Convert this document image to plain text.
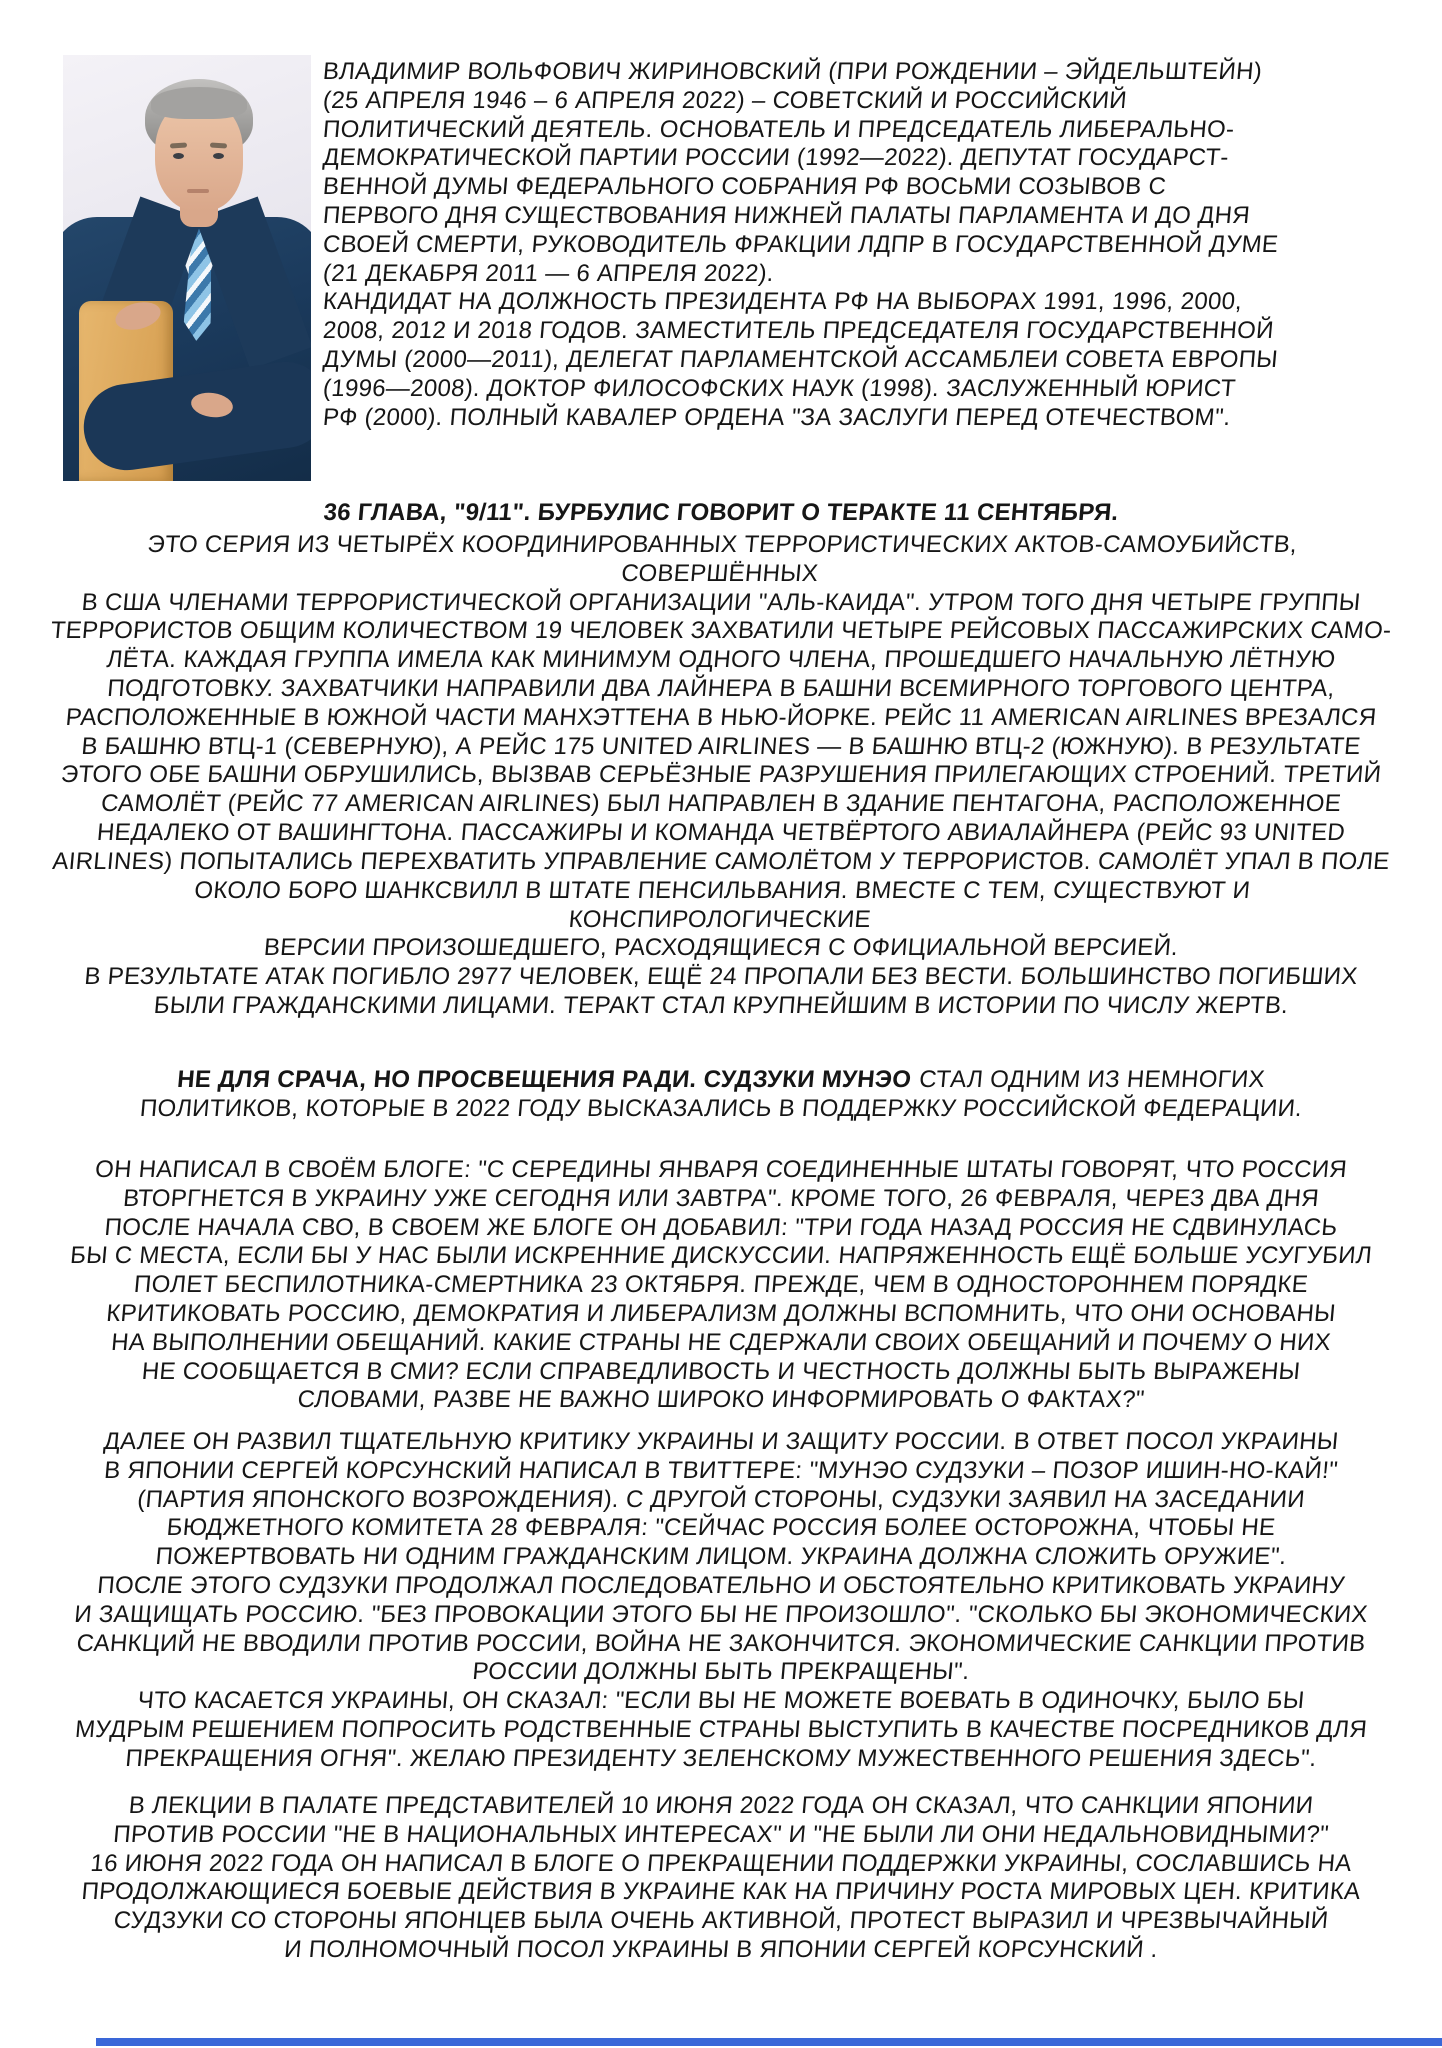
ВЛАДИМИР ВОЛЬФОВИЧ ЖИРИНОВСКИЙ (ПРИ РОЖДЕНИИ – ЭЙДЕЛЬШТЕЙН)
(25 АПРЕЛЯ 1946 – 6 АПРЕЛЯ 2022) – СОВЕТСКИЙ И РОССИЙСКИЙ
ПОЛИТИЧЕСКИЙ ДЕЯТЕЛЬ. ОСНОВАТЕЛЬ И ПРЕДСЕДАТЕЛЬ ЛИБЕРАЛЬНО-
ДЕМОКРАТИЧЕСКОЙ ПАРТИИ РОССИИ (1992—2022). ДЕПУТАТ ГОСУДАРСТ-
ВЕННОЙ ДУМЫ ФЕДЕРАЛЬНОГО СОБРАНИЯ РФ ВОСЬМИ СОЗЫВОВ С
ПЕРВОГО ДНЯ СУЩЕСТВОВАНИЯ НИЖНЕЙ ПАЛАТЫ ПАРЛАМЕНТА И ДО ДНЯ
СВОЕЙ СМЕРТИ, РУКОВОДИТЕЛЬ ФРАКЦИИ ЛДПР В ГОСУДАРСТВЕННОЙ ДУМЕ
(21 ДЕКАБРЯ 2011 — 6 АПРЕЛЯ 2022).
КАНДИДАТ НА ДОЛЖНОСТЬ ПРЕЗИДЕНТА РФ НА ВЫБОРАХ 1991, 1996, 2000,
2008, 2012 И 2018 ГОДОВ. ЗАМЕСТИТЕЛЬ ПРЕДСЕДАТЕЛЯ ГОСУДАРСТВЕННОЙ
ДУМЫ (2000—2011), ДЕЛЕГАТ ПАРЛАМЕНТСКОЙ АССАМБЛЕИ СОВЕТА ЕВРОПЫ
(1996—2008). ДОКТОР ФИЛОСОФСКИХ НАУК (1998). ЗАСЛУЖЕННЫЙ ЮРИСТ
РФ (2000). ПОЛНЫЙ КАВАЛЕР ОРДЕНА "ЗА ЗАСЛУГИ ПЕРЕД ОТЕЧЕСТВОМ".
36 ГЛАВА, "9/11". БУРБУЛИС ГОВОРИТ О ТЕРАКТЕ 11 СЕНТЯБРЯ.
ЭТО СЕРИЯ ИЗ ЧЕТЫРЁХ КООРДИНИРОВАННЫХ ТЕРРОРИСТИЧЕСКИХ АКТОВ-САМОУБИЙСТВ, СОВЕРШЁННЫХ
В США ЧЛЕНАМИ ТЕРРОРИСТИЧЕСКОЙ ОРГАНИЗАЦИИ "АЛЬ-КАИДА". УТРОМ ТОГО ДНЯ ЧЕТЫРЕ ГРУППЫ
ТЕРРОРИСТОВ ОБЩИМ КОЛИЧЕСТВОМ 19 ЧЕЛОВЕК ЗАХВАТИЛИ ЧЕТЫРЕ РЕЙСОВЫХ ПАССАЖИРСКИХ САМО-
ЛЁТА. КАЖДАЯ ГРУППА ИМЕЛА КАК МИНИМУМ ОДНОГО ЧЛЕНА, ПРОШЕДШЕГО НАЧАЛЬНУЮ ЛЁТНУЮ
ПОДГОТОВКУ. ЗАХВАТЧИКИ НАПРАВИЛИ ДВА ЛАЙНЕРА В БАШНИ ВСЕМИРНОГО ТОРГОВОГО ЦЕНТРА,
РАСПОЛОЖЕННЫЕ В ЮЖНОЙ ЧАСТИ МАНХЭТТЕНА В НЬЮ-ЙОРКЕ. РЕЙС 11 AMERICAN AIRLINES ВРЕЗАЛСЯ
В БАШНЮ ВТЦ-1 (СЕВЕРНУЮ), А РЕЙС 175 UNITED AIRLINES — В БАШНЮ ВТЦ-2 (ЮЖНУЮ). В РЕЗУЛЬТАТЕ
ЭТОГО ОБЕ БАШНИ ОБРУШИЛИСЬ, ВЫЗВАВ СЕРЬЁЗНЫЕ РАЗРУШЕНИЯ ПРИЛЕГАЮЩИХ СТРОЕНИЙ. ТРЕТИЙ
САМОЛЁТ (РЕЙС 77 AMERICAN AIRLINES) БЫЛ НАПРАВЛЕН В ЗДАНИЕ ПЕНТАГОНА, РАСПОЛОЖЕННОЕ
НЕДАЛЕКО ОТ ВАШИНГТОНА. ПАССАЖИРЫ И КОМАНДА ЧЕТВЁРТОГО АВИАЛАЙНЕРА (РЕЙС 93 UNITED
AIRLINES) ПОПЫТАЛИСЬ ПЕРЕХВАТИТЬ УПРАВЛЕНИЕ САМОЛЁТОМ У ТЕРРОРИСТОВ. САМОЛЁТ УПАЛ В ПОЛЕ
ОКОЛО БОРО ШАНКСВИЛЛ В ШТАТЕ ПЕНСИЛЬВАНИЯ. ВМЕСТЕ С ТЕМ, СУЩЕСТВУЮТ И КОНСПИРОЛОГИЧЕСКИЕ
ВЕРСИИ ПРОИЗОШЕДШЕГО, РАСХОДЯЩИЕСЯ С ОФИЦИАЛЬНОЙ ВЕРСИЕЙ.
В РЕЗУЛЬТАТЕ АТАК ПОГИБЛО 2977 ЧЕЛОВЕК, ЕЩЁ 24 ПРОПАЛИ БЕЗ ВЕСТИ. БОЛЬШИНСТВО ПОГИБШИХ
БЫЛИ ГРАЖДАНСКИМИ ЛИЦАМИ. ТЕРАКТ СТАЛ КРУПНЕЙШИМ В ИСТОРИИ ПО ЧИСЛУ ЖЕРТВ.
НЕ ДЛЯ СРАЧА, НО ПРОСВЕЩЕНИЯ РАДИ. СУДЗУКИ МУНЭО СТАЛ ОДНИМ ИЗ НЕМНОГИХ
ПОЛИТИКОВ, КОТОРЫЕ В 2022 ГОДУ ВЫСКАЗАЛИСЬ В ПОДДЕРЖКУ РОССИЙСКОЙ ФЕДЕРАЦИИ.
ОН НАПИСАЛ В СВОЁМ БЛОГЕ: "С СЕРЕДИНЫ ЯНВАРЯ СОЕДИНЕННЫЕ ШТАТЫ ГОВОРЯТ, ЧТО РОССИЯ
ВТОРГНЕТСЯ В УКРАИНУ УЖЕ СЕГОДНЯ ИЛИ ЗАВТРА". КРОМЕ ТОГО, 26 ФЕВРАЛЯ, ЧЕРЕЗ ДВА ДНЯ
ПОСЛЕ НАЧАЛА СВО, В СВОЕМ ЖЕ БЛОГЕ ОН ДОБАВИЛ: "ТРИ ГОДА НАЗАД РОССИЯ НЕ СДВИНУЛАСЬ
БЫ С МЕСТА, ЕСЛИ БЫ У НАС БЫЛИ ИСКРЕННИЕ ДИСКУССИИ. НАПРЯЖЕННОСТЬ ЕЩЁ БОЛЬШЕ УСУГУБИЛ
ПОЛЕТ БЕСПИЛОТНИКА-СМЕРТНИКА 23 ОКТЯБРЯ. ПРЕЖДЕ, ЧЕМ В ОДНОСТОРОННЕМ ПОРЯДКЕ
КРИТИКОВАТЬ РОССИЮ, ДЕМОКРАТИЯ И ЛИБЕРАЛИЗМ ДОЛЖНЫ ВСПОМНИТЬ, ЧТО ОНИ ОСНОВАНЫ
НА ВЫПОЛНЕНИИ ОБЕЩАНИЙ. КАКИЕ СТРАНЫ НЕ СДЕРЖАЛИ СВОИХ ОБЕЩАНИЙ И ПОЧЕМУ О НИХ
НЕ СООБЩАЕТСЯ В СМИ? ЕСЛИ СПРАВЕДЛИВОСТЬ И ЧЕСТНОСТЬ ДОЛЖНЫ БЫТЬ ВЫРАЖЕНЫ
СЛОВАМИ, РАЗВЕ НЕ ВАЖНО ШИРОКО ИНФОРМИРОВАТЬ О ФАКТАХ?"
ДАЛЕЕ ОН РАЗВИЛ ТЩАТЕЛЬНУЮ КРИТИКУ УКРАИНЫ И ЗАЩИТУ РОССИИ. В ОТВЕТ ПОСОЛ УКРАИНЫ
В ЯПОНИИ СЕРГЕЙ КОРСУНСКИЙ НАПИСАЛ В ТВИТТЕРЕ: "МУНЭО СУДЗУКИ – ПОЗОР ИШИН-НО-КАЙ!"
(ПАРТИЯ ЯПОНСКОГО ВОЗРОЖДЕНИЯ). С ДРУГОЙ СТОРОНЫ, СУДЗУКИ ЗАЯВИЛ НА ЗАСЕДАНИИ
БЮДЖЕТНОГО КОМИТЕТА 28 ФЕВРАЛЯ: "СЕЙЧАС РОССИЯ БОЛЕЕ ОСТОРОЖНА, ЧТОБЫ НЕ
ПОЖЕРТВОВАТЬ НИ ОДНИМ ГРАЖДАНСКИМ ЛИЦОМ. УКРАИНА ДОЛЖНА СЛОЖИТЬ ОРУЖИЕ".
ПОСЛЕ ЭТОГО СУДЗУКИ ПРОДОЛЖАЛ ПОСЛЕДОВАТЕЛЬНО И ОБСТОЯТЕЛЬНО КРИТИКОВАТЬ УКРАИНУ
И ЗАЩИЩАТЬ РОССИЮ. "БЕЗ ПРОВОКАЦИИ ЭТОГО БЫ НЕ ПРОИЗОШЛО". "СКОЛЬКО БЫ ЭКОНОМИЧЕСКИХ
САНКЦИЙ НЕ ВВОДИЛИ ПРОТИВ РОССИИ, ВОЙНА НЕ ЗАКОНЧИТСЯ. ЭКОНОМИЧЕСКИЕ САНКЦИИ ПРОТИВ
РОССИИ ДОЛЖНЫ БЫТЬ ПРЕКРАЩЕНЫ".
ЧТО КАСАЕТСЯ УКРАИНЫ, ОН СКАЗАЛ: "ЕСЛИ ВЫ НЕ МОЖЕТЕ ВОЕВАТЬ В ОДИНОЧКУ, БЫЛО БЫ
МУДРЫМ РЕШЕНИЕМ ПОПРОСИТЬ РОДСТВЕННЫЕ СТРАНЫ ВЫСТУПИТЬ В КАЧЕСТВЕ ПОСРЕДНИКОВ ДЛЯ
ПРЕКРАЩЕНИЯ ОГНЯ". ЖЕЛАЮ ПРЕЗИДЕНТУ ЗЕЛЕНСКОМУ МУЖЕСТВЕННОГО РЕШЕНИЯ ЗДЕСЬ".
В ЛЕКЦИИ В ПАЛАТЕ ПРЕДСТАВИТЕЛЕЙ 10 ИЮНЯ 2022 ГОДА ОН СКАЗАЛ, ЧТО САНКЦИИ ЯПОНИИ
ПРОТИВ РОССИИ "НЕ В НАЦИОНАЛЬНЫХ ИНТЕРЕСАХ" И "НЕ БЫЛИ ЛИ ОНИ НЕДАЛЬНОВИДНЫМИ?"
16 ИЮНЯ 2022 ГОДА ОН НАПИСАЛ В БЛОГЕ О ПРЕКРАЩЕНИИ ПОДДЕРЖКИ УКРАИНЫ, СОСЛАВШИСЬ НА
ПРОДОЛЖАЮЩИЕСЯ БОЕВЫЕ ДЕЙСТВИЯ В УКРАИНЕ КАК НА ПРИЧИНУ РОСТА МИРОВЫХ ЦЕН. КРИТИКА
СУДЗУКИ СО СТОРОНЫ ЯПОНЦЕВ БЫЛА ОЧЕНЬ АКТИВНОЙ, ПРОТЕСТ ВЫРАЗИЛ И ЧРЕЗВЫЧАЙНЫЙ
И ПОЛНОМОЧНЫЙ ПОСОЛ УКРАИНЫ В ЯПОНИИ СЕРГЕЙ КОРСУНСКИЙ .
